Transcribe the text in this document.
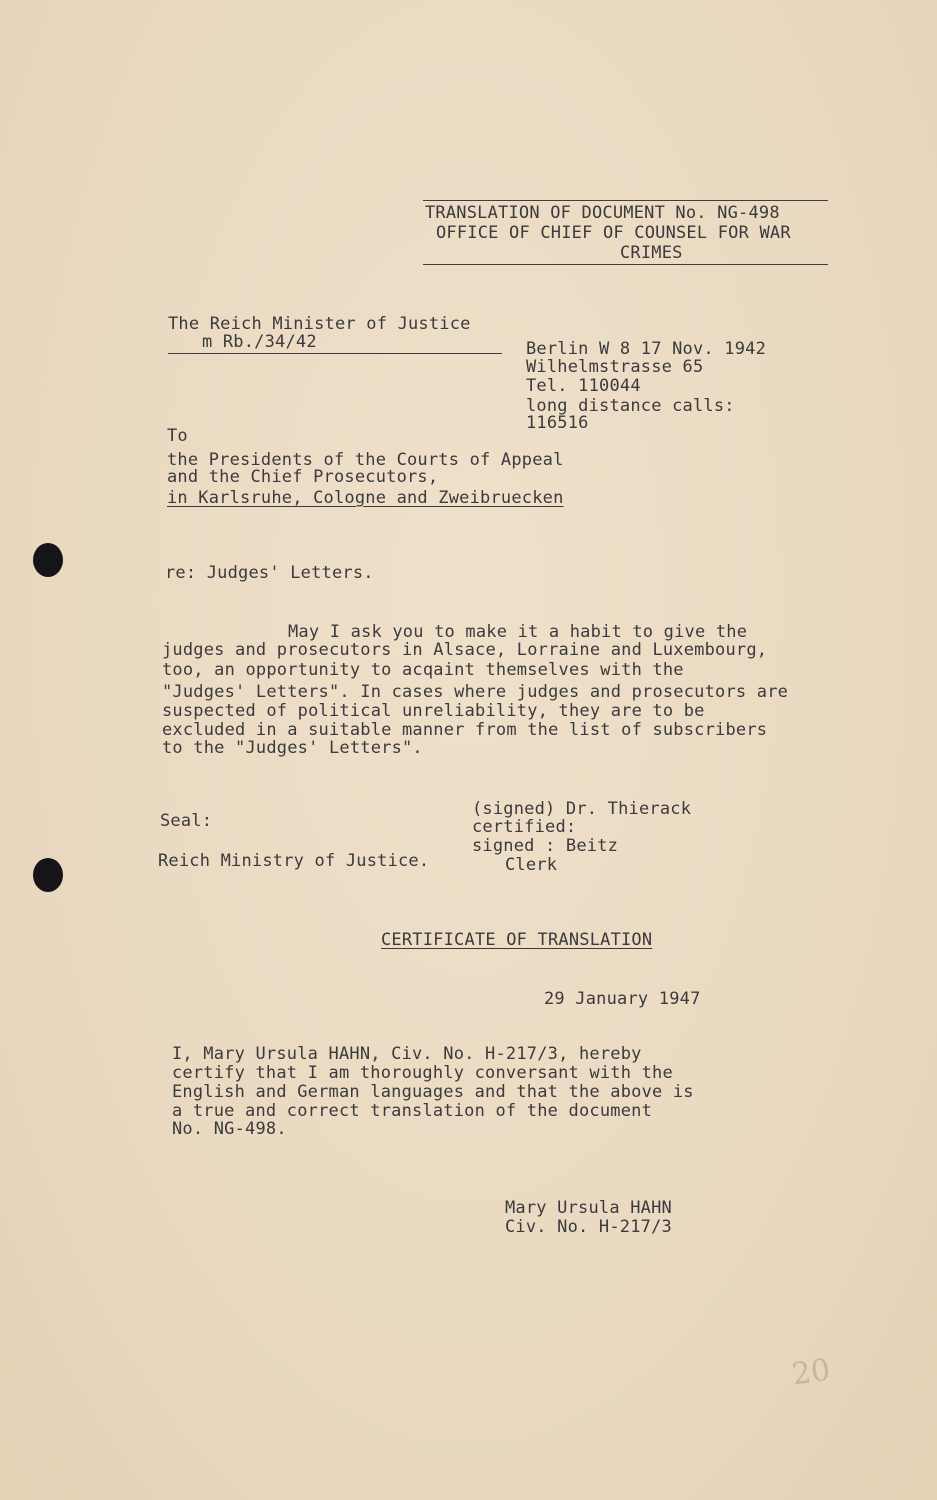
TRANSLATION OF DOCUMENT No. NG-498
OFFICE OF CHIEF OF COUNSEL FOR WAR
CRIMES
The Reich Minister of Justice
m Rb./34/42	Berlin W 8 17 Nov. 1942
Wilhelmstrasse 65
Tel. 110044
long distance calls:
116516
To
the Presidents of the Courts of Appeal
and the Chief Prosecutors,
in Karlsruhe, Cologne and Zweibruecken
re: Judges' Letters.
May I ask you to make it a habit to give the
judges and prosecutors in Alsace, Lorraine and Luxembourg,
too, an opportunity to acqaint themselves with the
"Judges' Letters". In cases where judges and prosecutors are
suspected of political unreliability, they are to be
excluded in a suitable manner from the list of subscribers
to the "Judges' Letters".
Seal:
Reich Ministry of Justice.
(signed) Dr. Thierack
certified:
signed : Beitz
Clerk
CERTIFICATE OF TRANSLATION
29 January 1947
I, Mary Ursula HAHN, Civ. No. H-217/3, hereby
certify that I am thoroughly conversant with the
English and German languages and that the above is
a true and correct translation of the document
No. NG-498.
Mary Ursula HAHN
Civ. No. H-217/3
20
